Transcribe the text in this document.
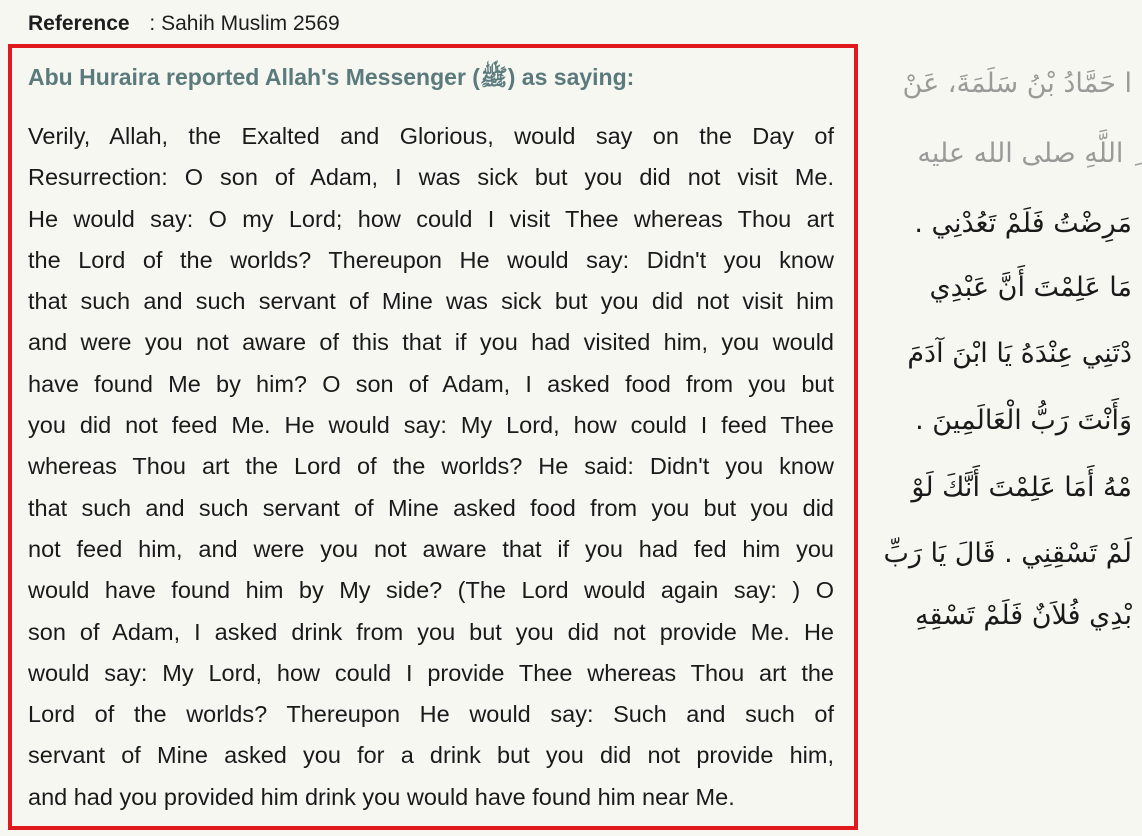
Reference : Sahih Muslim 2569
Abu Huraira reported Allah's Messenger (ﷺ) as saying:
Verily, Allah, the Exalted and Glorious, would say on the Day of
Resurrection: O son of Adam, I was sick but you did not visit Me.
He would say: O my Lord; how could I visit Thee whereas Thou art
the Lord of the worlds? Thereupon He would say: Didn't you know
that such and such servant of Mine was sick but you did not visit him
and were you not aware of this that if you had visited him, you would
have found Me by him? O son of Adam, I asked food from you but
you did not feed Me. He would say: My Lord, how could I feed Thee
whereas Thou art the Lord of the worlds? He said: Didn't you know
that such and such servant of Mine asked food from you but you did
not feed him, and were you not aware that if you had fed him you
would have found him by My side? (The Lord would again say: ) O
son of Adam, I asked drink from you but you did not provide Me. He
would say: My Lord, how could I provide Thee whereas Thou art the
Lord of the worlds? Thereupon He would say: Such and such of
servant of Mine asked you for a drink but you did not provide him,
and had you provided him drink you would have found him near Me.
ا حَمَّادُ بْنُ سَلَمَةَ، عَنْ
ِ اللَّهِ صلى الله عليه
مَرِضْتُ فَلَمْ تَعُدْنِي .
مَا عَلِمْتَ أَنَّ عَبْدِي
دْتَنِي عِنْدَهُ يَا ابْنَ آدَمَ
وَأَنْتَ رَبُّ الْعَالَمِينَ .
مْهُ أَمَا عَلِمْتَ أَنَّكَ لَوْ
لَمْ تَسْقِنِي . قَالَ يَا رَبِّ
بْدِي فُلاَنٌ فَلَمْ تَسْقِهِ
